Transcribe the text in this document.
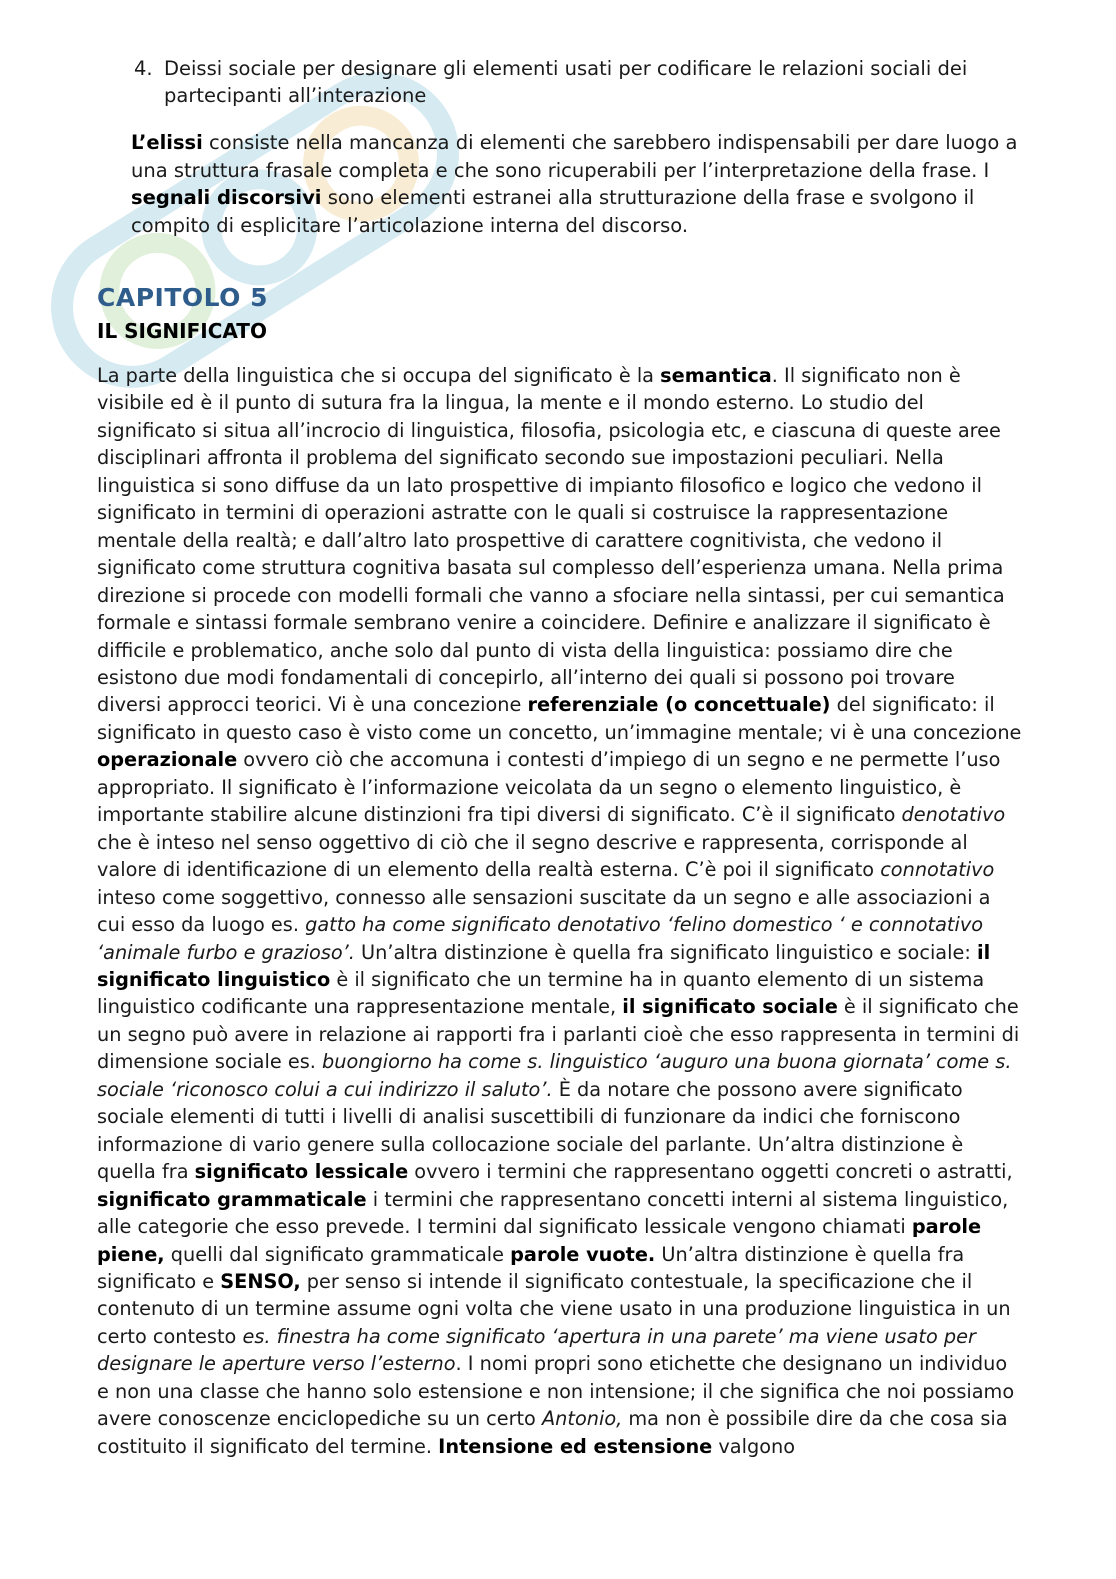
4. Deissi sociale per designare gli elementi usati per codificare le relazioni sociali dei partecipanti all’interazione
L’elissi consiste nella mancanza di elementi che sarebbero indispensabili per dare luogo a una struttura frasale completa e che sono ricuperabili per l’interpretazione della frase. I segnali discorsivi sono elementi estranei alla strutturazione della frase e svolgono il compito di esplicitare l’articolazione interna del discorso.
CAPITOLO 5
IL SIGNIFICATO
La parte della linguistica che si occupa del significato è la semantica. Il significato non è visibile ed è il punto di sutura fra la lingua, la mente e il mondo esterno. Lo studio del significato si situa all’incrocio di linguistica, filosofia, psicologia etc, e ciascuna di queste aree disciplinari affronta il problema del significato secondo sue impostazioni peculiari. Nella linguistica si sono diffuse da un lato prospettive di impianto filosofico e logico che vedono il significato in termini di operazioni astratte con le quali si costruisce la rappresentazione mentale della realtà; e dall’altro lato prospettive di carattere cognitivista, che vedono il significato come struttura cognitiva basata sul complesso dell’esperienza umana. Nella prima direzione si procede con modelli formali che vanno a sfociare nella sintassi, per cui semantica formale e sintassi formale sembrano venire a coincidere. Definire e analizzare il significato è difficile e problematico, anche solo dal punto di vista della linguistica: possiamo dire che esistono due modi fondamentali di concepirlo, all’interno dei quali si possono poi trovare diversi approcci teorici. Vi è una concezione referenziale (o concettuale) del significato: il significato in questo caso è visto come un concetto, un’immagine mentale; vi è una concezione operazionale ovvero ciò che accomuna i contesti d’impiego di un segno e ne permette l’uso appropriato. Il significato è l’informazione veicolata da un segno o elemento linguistico, è importante stabilire alcune distinzioni fra tipi diversi di significato. C’è il significato denotativo che è inteso nel senso oggettivo di ciò che il segno descrive e rappresenta, corrisponde al valore di identificazione di un elemento della realtà esterna. C’è poi il significato connotativo inteso come soggettivo, connesso alle sensazioni suscitate da un segno e alle associazioni a cui esso da luogo es. gatto ha come significato denotativo ‘felino domestico ‘ e connotativo ‘animale furbo e grazioso’. Un’altra distinzione è quella fra significato linguistico e sociale: il significato linguistico è il significato che un termine ha in quanto elemento di un sistema linguistico codificante una rappresentazione mentale, il significato sociale è il significato che un segno può avere in relazione ai rapporti fra i parlanti cioè che esso rappresenta in termini di dimensione sociale es. buongiorno ha come s. linguistico ‘auguro una buona giornata’ come s. sociale ‘riconosco colui a cui indirizzo il saluto’. È da notare che possono avere significato sociale elementi di tutti i livelli di analisi suscettibili di funzionare da indici che forniscono informazione di vario genere sulla collocazione sociale del parlante. Un’altra distinzione è quella fra significato lessicale ovvero i termini che rappresentano oggetti concreti o astratti, significato grammaticale i termini che rappresentano concetti interni al sistema linguistico, alle categorie che esso prevede. I termini dal significato lessicale vengono chiamati parole piene, quelli dal significato grammaticale parole vuote. Un’altra distinzione è quella fra significato e SENSO, per senso si intende il significato contestuale, la specificazione che il contenuto di un termine assume ogni volta che viene usato in una produzione linguistica in un certo contesto es. finestra ha come significato ‘apertura in una parete’ ma viene usato per designare le aperture verso l’esterno. I nomi propri sono etichette che designano un individuo e non una classe che hanno solo estensione e non intensione; il che significa che noi possiamo avere conoscenze enciclopediche su un certo Antonio, ma non è possibile dire da che cosa sia costituito il significato del termine. Intensione ed estensione valgono
